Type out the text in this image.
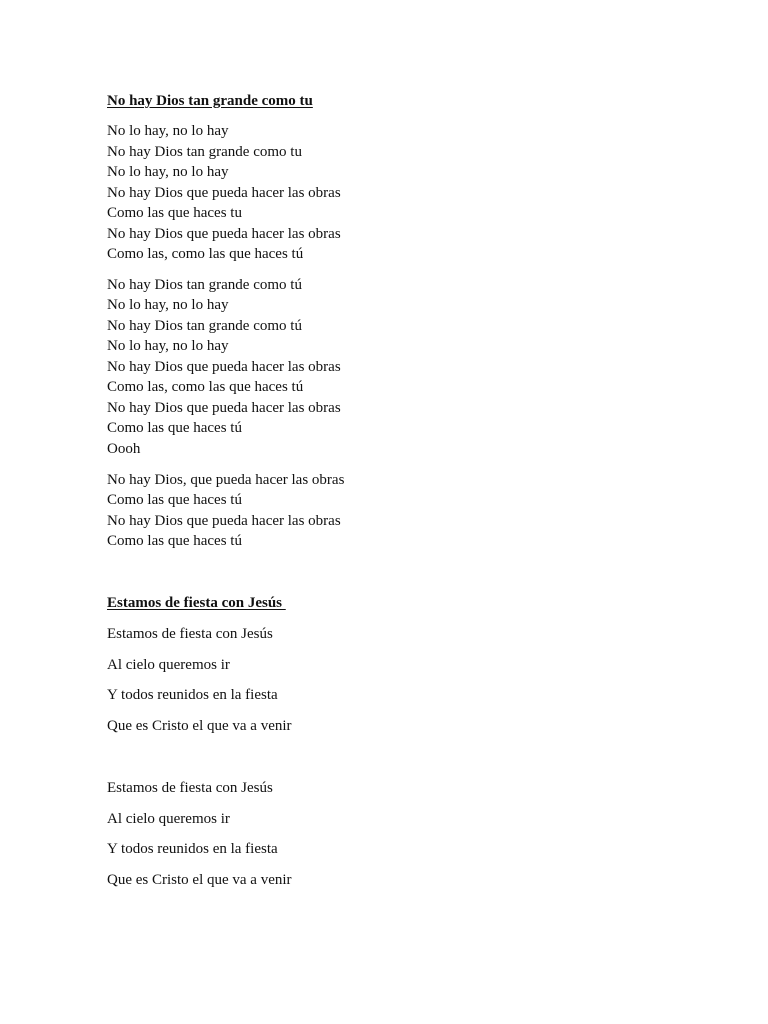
No hay Dios tan grande como tu
No lo hay, no lo hay
No hay Dios tan grande como tu
No lo hay, no lo hay
No hay Dios que pueda hacer las obras
Como las que haces tu
No hay Dios que pueda hacer las obras
Como las, como las que haces tú
No hay Dios tan grande como tú
No lo hay, no lo hay
No hay Dios tan grande como tú
No lo hay, no lo hay
No hay Dios que pueda hacer las obras
Como las, como las que haces tú
No hay Dios que pueda hacer las obras
Como las que haces tú
Oooh
No hay Dios, que pueda hacer las obras
Como las que haces tú
No hay Dios que pueda hacer las obras
Como las que haces tú
Estamos de fiesta con Jesús
Estamos de fiesta con Jesús
Al cielo queremos ir
Y todos reunidos en la fiesta
Que es Cristo el que va a venir
Estamos de fiesta con Jesús
Al cielo queremos ir
Y todos reunidos en la fiesta
Que es Cristo el que va a venir
